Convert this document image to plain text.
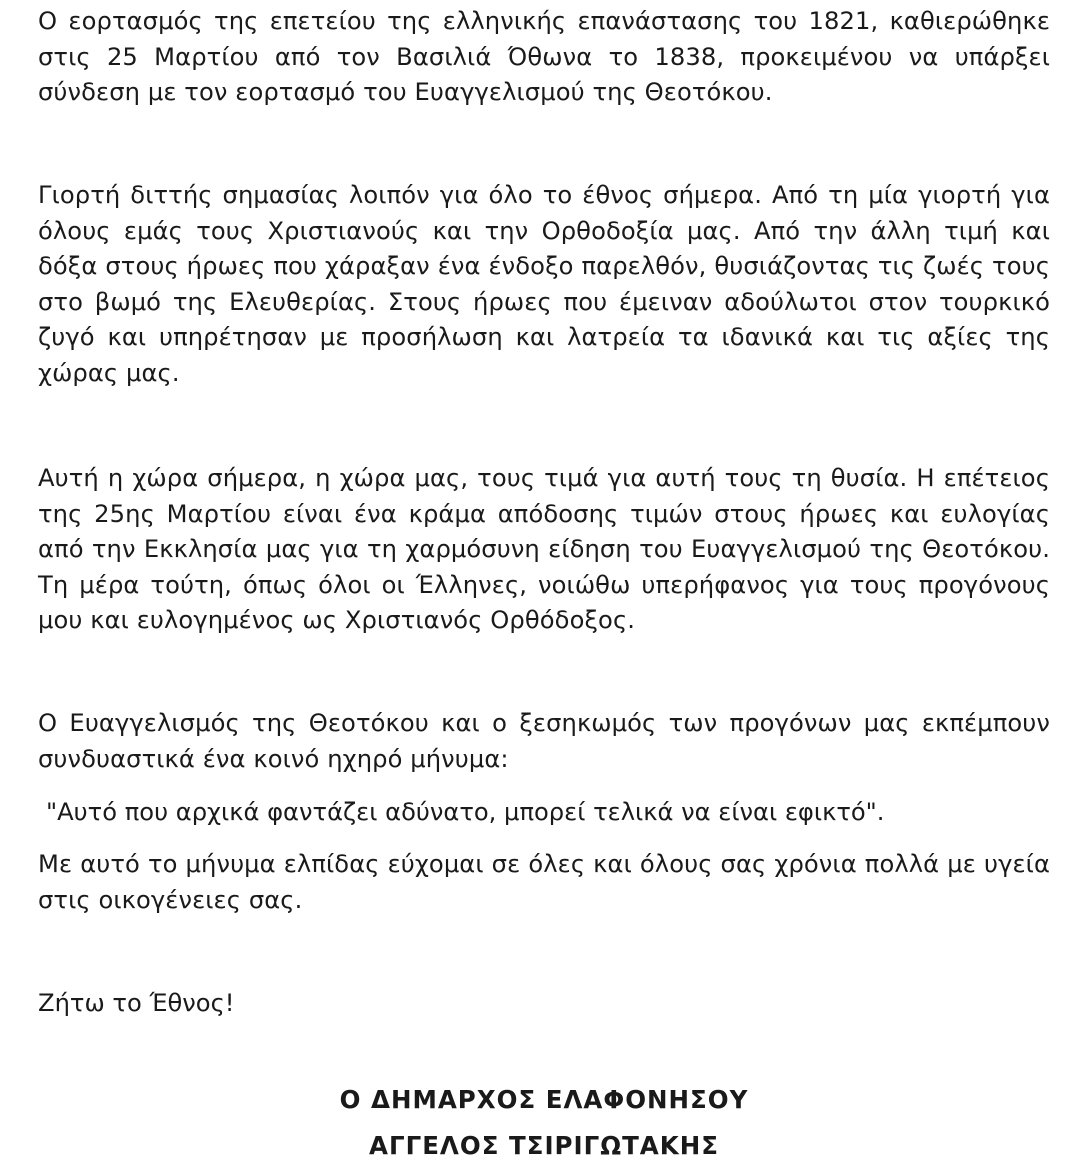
Ο εορτασμός της επετείου της ελληνικής επανάστασης του 1821, καθιερώθηκε στις 25 Μαρτίου από τον Βασιλιά Όθωνα το 1838, προκειμένου να υπάρξει σύνδεση με τον εορτασμό του Ευαγγελισμού της Θεοτόκου.

Γιορτή διττής σημασίας λοιπόν για όλο το έθνος σήμερα. Από τη μία γιορτή για όλους εμάς τους Χριστιανούς και την Ορθοδοξία μας. Από την άλλη τιμή και δόξα στους ήρωες που χάραξαν ένα ένδοξο παρελθόν, θυσιάζοντας τις ζωές τους στο βωμό της Ελευθερίας. Στους ήρωες που έμειναν αδούλωτοι στον τουρκικό ζυγό και υπηρέτησαν με προσήλωση και λατρεία τα ιδανικά και τις αξίες της χώρας μας.

Αυτή η χώρα σήμερα, η χώρα μας, τους τιμά για αυτή τους τη θυσία. Η επέτειος της 25ης Μαρτίου είναι ένα κράμα απόδοσης τιμών στους ήρωες και ευλογίας από την Εκκλησία μας για τη χαρμόσυνη είδηση του Ευαγγελισμού της Θεοτόκου. Τη μέρα τούτη, όπως όλοι οι Έλληνες, νοιώθω υπερήφανος για τους προγόνους μου και ευλογημένος ως Χριστιανός Ορθόδοξος.

Ο Ευαγγελισμός της Θεοτόκου και ο ξεσηκωμός των προγόνων μας εκπέμπουν συνδυαστικά ένα κοινό ηχηρό μήνυμα:

"Αυτό που αρχικά φαντάζει αδύνατο, μπορεί τελικά να είναι εφικτό".

Με αυτό το μήνυμα ελπίδας εύχομαι σε όλες και όλους σας χρόνια πολλά με υγεία στις οικογένειες σας.

Ζήτω το Έθνος!

Ο ΔΗΜΑΡΧΟΣ ΕΛΑΦΟΝΗΣΟΥ

ΑΓΓΕΛΟΣ ΤΣΙΡΙΓΩΤΑΚΗΣ
